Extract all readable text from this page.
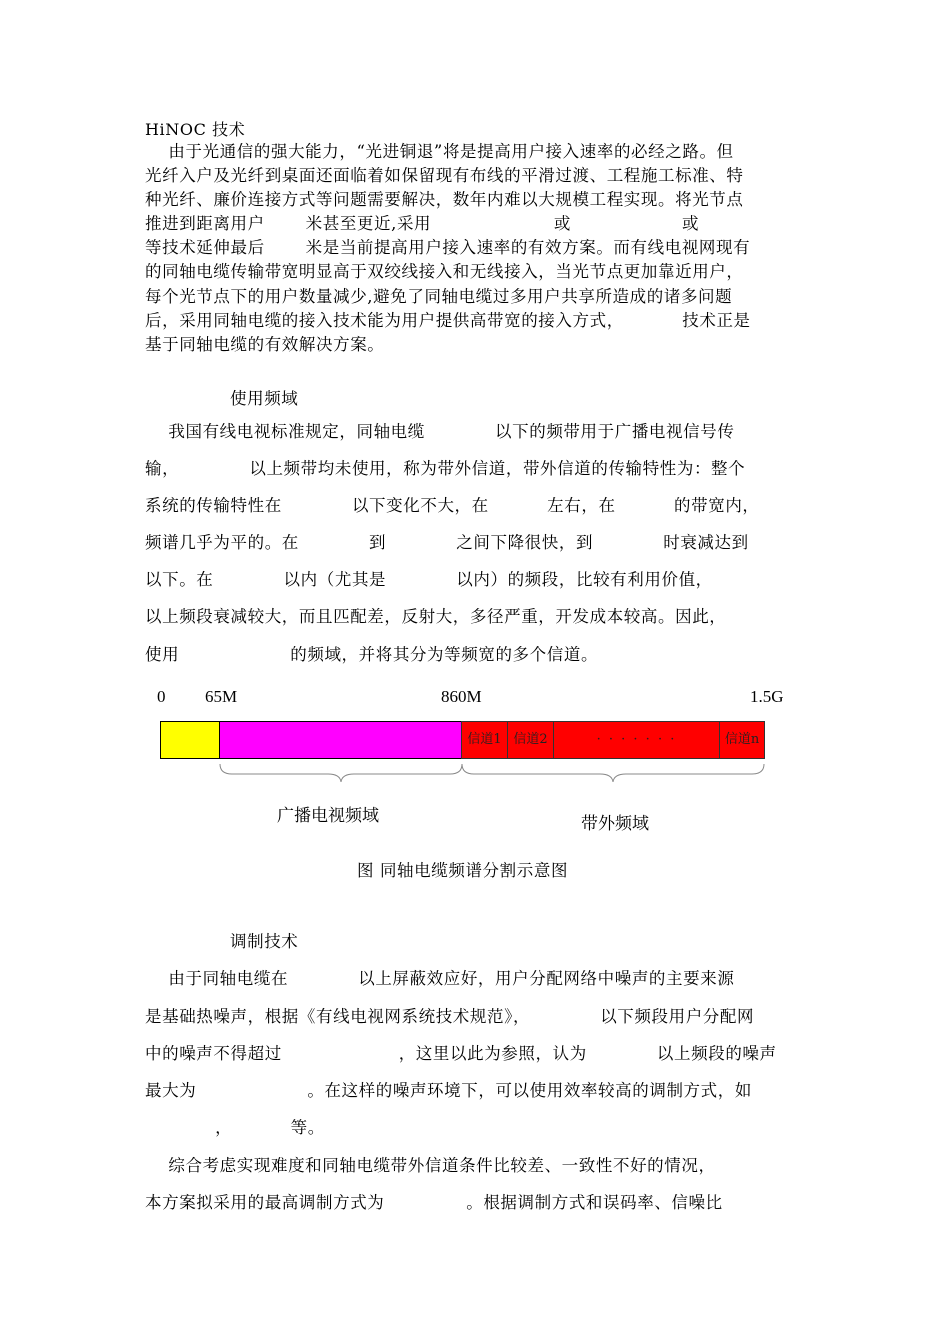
HiNOC 技术
由于光通信的强大能力，“光进铜退”将是提高用户接入速率的必经之路。但
光纤入户及光纤到桌面还面临着如保留现有布线的平滑过渡、工程施工标准、特
种光纤、廉价连接方式等问题需要解决，数年内难以大规模工程实现。将光节点
推进到距离用户       米甚至更近,采用                     或                   或
等技术延伸最后       米是当前提高用户接入速率的有效方案。而有线电视网现有
的同轴电缆传输带宽明显高于双绞线接入和无线接入，当光节点更加靠近用户，
每个光节点下的用户数量减少,避免了同轴电缆过多用户共享所造成的诸多问题
后，采用同轴电缆的接入技术能为用户提供高带宽的接入方式，          技术正是
基于同轴电缆的有效解决方案。
使用频域
我国有线电视标准规定，同轴电缆            以下的频带用于广播电视信号传
输，            以上频带均未使用，称为带外信道，带外信道的传输特性为：整个
系统的传输特性在            以下变化不大，在          左右，在          的带宽内，
频谱几乎为平的。在            到            之间下降很快，到            时衰减达到
以下。在            以内（尤其是            以内）的频段，比较有利用价值，
以上频段衰减较大，而且匹配差，反射大，多径严重，开发成本较高。因此，
使用                   的频域，并将其分为等频宽的多个信道。
0 65M	860M	1.5G
信道1 信道2	· · · · · · ·	信道n
广播电视频域	带外频域
图 同轴电缆频谱分割示意图
调制技术
由于同轴电缆在            以上屏蔽效应好，用户分配网络中噪声的主要来源
是基础热噪声，根据《有线电视网系统技术规范》，            以下频段用户分配网
中的噪声不得超过                    ，这里以此为参照，认为            以上频段的噪声
最大为                   。在这样的噪声环境下，可以使用效率较高的调制方式，如
，          等。
综合考虑实现难度和同轴电缆带外信道条件比较差、一致性不好的情况，
本方案拟采用的最高调制方式为              。根据调制方式和误码率、信噪比
